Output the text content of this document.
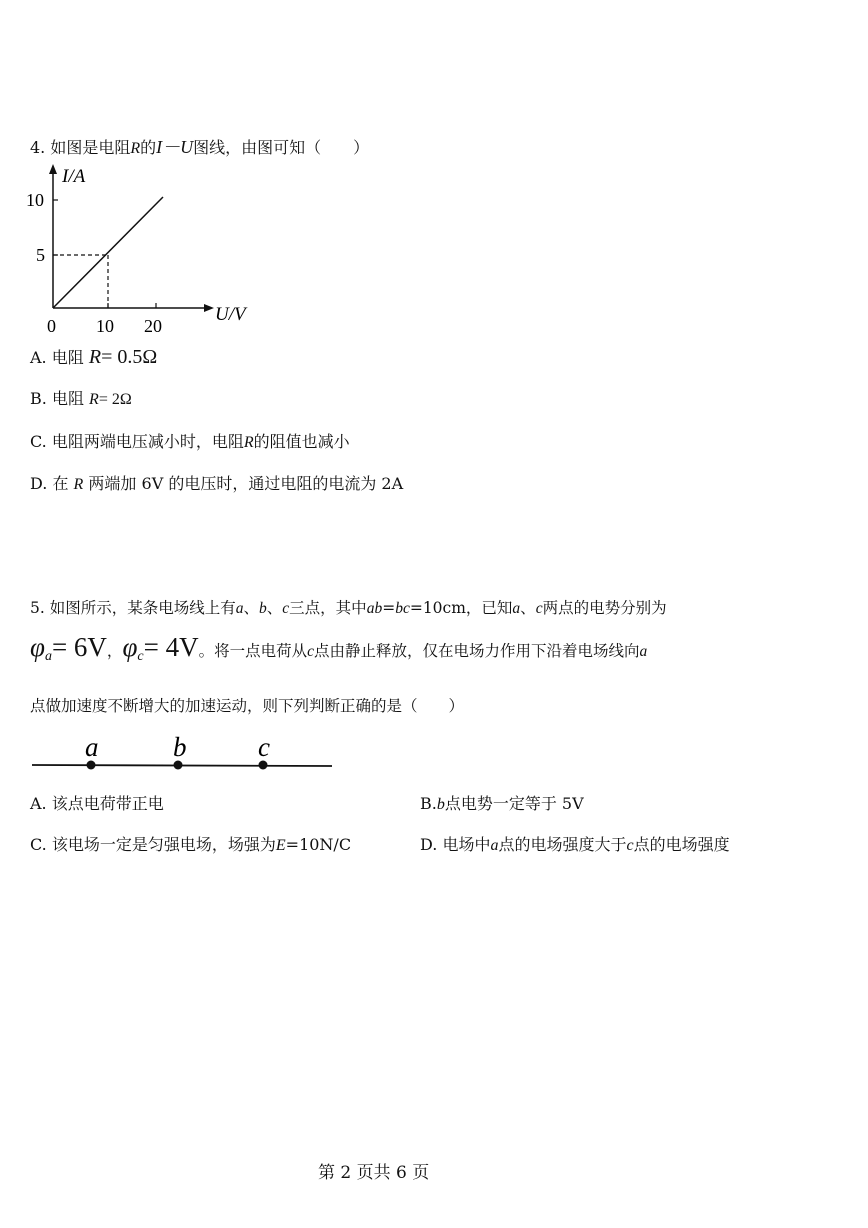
4. 如图是电阻R的I－U图线，由图可知（　　）
I/A
U/V
0
10
5
10 20
A. 电阻 R= 0.5Ω
B. 电阻 R= 2Ω
C. 电阻两端电压减小时，电阻R的阻值也减小
D. 在 R 两端加 6V 的电压时，通过电阻的电流为 2A
5. 如图所示，某条电场线上有a、b、c三点，其中ab=bc=10cm，已知a、c两点的电势分别为
$\varphi_a= 6V$，$\varphi_c= 4V$。将一点电荷从c点由静止释放，仅在电场力作用下沿着电场线向a
点做加速度不断增大的加速运动，则下列判断正确的是（　　）
a	b	c
A. 该点电荷带正电	B.b点电势一定等于 5V
C. 该电场一定是匀强电场，场强为E=10N/C	D. 电场中a点的电场强度大于c点的电场强度
第 2 页共 6 页
